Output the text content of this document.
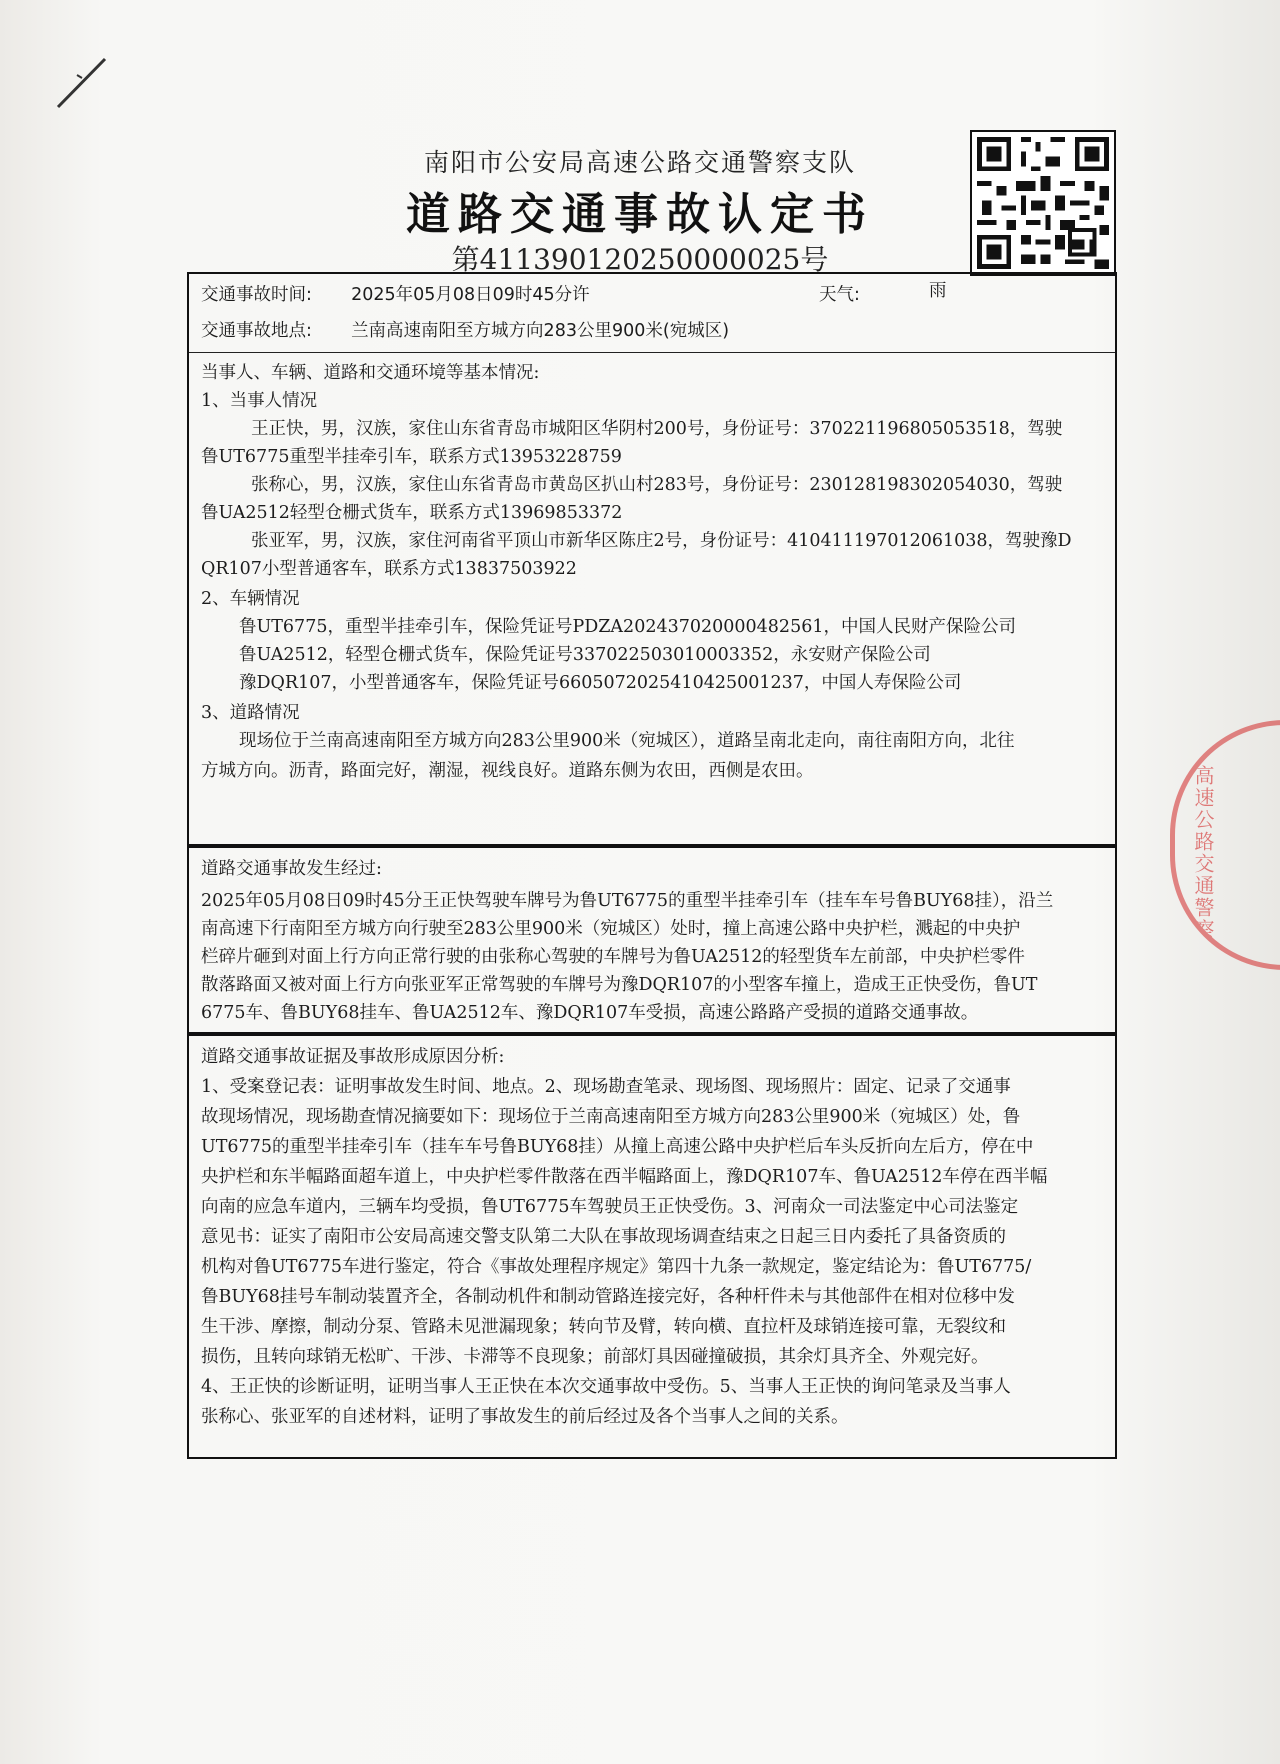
南阳市公安局高速公路交通警察支队
道路交通事故认定书
第411390120250000025号
交通事故时间: 2025年05月08日09时45分许	天气:	雨
交通事故地点: 兰南高速南阳至方城方向283公里900米(宛城区)
当事人、车辆、道路和交通环境等基本情况:
1、当事人情况
王正快，男，汉族，家住山东省青岛市城阳区华阴村200号，身份证号：370221196805053518，驾驶
鲁UT6775重型半挂牵引车，联系方式13953228759
张称心，男，汉族，家住山东省青岛市黄岛区扒山村283号，身份证号：230128198302054030，驾驶
鲁UA2512轻型仓栅式货车，联系方式13969853372
张亚军，男，汉族，家住河南省平顶山市新华区陈庄2号，身份证号：410411197012061038，驾驶豫D
QR107小型普通客车，联系方式13837503922
2、车辆情况
鲁UT6775，重型半挂牵引车，保险凭证号PDZA202437020000482561，中国人民财产保险公司
鲁UA2512，轻型仓栅式货车，保险凭证号337022503010003352，永安财产保险公司
豫DQR107，小型普通客车，保险凭证号660507202541042500123​7，中国人寿保险公司
3、道路情况
现场位于兰南高速南阳至方城方向283公里900米（宛城区），道路呈南北走向，南往南阳方向，北往
方城方向。沥青，路面完好，潮湿，视线良好。道路东侧为农田，西侧是农田。
道路交通事故发生经过:
2025年05月08日09时45分王正快驾驶车牌号为鲁UT6775的重型半挂牵引车（挂车车号鲁BUY68挂），沿兰
南高速下行南阳至方城方向行驶至283公里900米（宛城区）处时，撞上高速公路中央护栏，溅起的中央护
栏碎片砸到对面上行方向正常行驶的由张称心驾驶的车牌号为鲁UA2512的轻型货车左前部，中央护栏零件
散落路面又被对面上行方向张亚军正常驾驶的车牌号为豫DQR107的小型客车撞上，造成王正快受伤，鲁UT
6775车、鲁BUY68挂车、鲁UA2512车、豫DQR107车受损，高速公路路产受损的道路交通事故。
道路交通事故证据及事故形成原因分析:
1、受案登记表：证明事故发生时间、地点。2、现场勘查笔录、现场图、现场照片：固定、记录了交通事
故现场情况，现场勘查情况摘要如下：现场位于兰南高速南阳至方城方向283公里900米（宛城区）处，鲁
UT6775的重型半挂牵引车（挂车车号鲁BUY68挂）从撞上高速公路中央护栏后车头反折向左后方，停在中
央护栏和东半幅路面超车道上，中央护栏零件散落在西半幅路面上，豫DQR107车、鲁UA2512车停在西半幅
向南的应急车道内，三辆车均受损，鲁UT6775车驾驶员王正快受伤。3、河南众一司法鉴定中心司法鉴定
意见书：证实了南阳市公安局高速交警支队第二大队在事故现场调查结束之日起三日内委托了具备资质的
机构对鲁UT6775车进行鉴定，符合《事故处理程序规定》第四十九条一款规定，鉴定结论为：鲁UT6775/
鲁BUY68挂号车制动装置齐全，各制动机件和制动管路连接完好，各种杆件未与其他部件在相对位移中发
生干涉、摩擦，制动分泵、管路未见泄漏现象；转向节及臂，转向横、直拉杆及球销连接可靠，无裂纹和
损伤，且转向球销无松旷、干涉、卡滞等不良现象；前部灯具因碰撞破损，其余灯具齐全、外观完好。
4、王正快的诊断证明，证明当事人王正快在本次交通事故中受伤。5、当事人王正快的询问笔录及当事人
张称心、张亚军的自述材料，证明了事故发生的前后经过及各个当事人之间的关系。
高速公路交通警察
